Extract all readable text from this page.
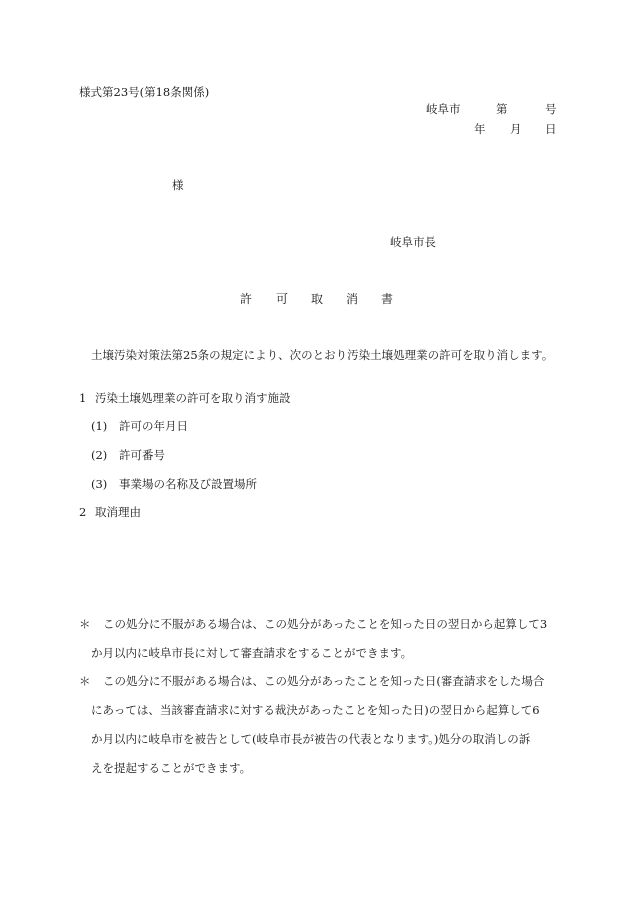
様式第23号(第18条関係)
岐阜市	第	号
年 月 日
様
岐阜市長
許 可 取 消 書
土壌汚染対策法第25条の規定により、次のとおり汚染土壌処理業の許可を取り消します。
1 汚染土壌処理業の許可を取り消す施設
(1) 許可の年月日
(2) 許可番号
(3) 事業場の名称及び設置場所
2 取消理由
＊ この処分に不服がある場合は、この処分があったことを知った日の翌日から起算して3
か月以内に岐阜市長に対して審査請求をすることができます。
＊ この処分に不服がある場合は、この処分があったことを知った日(審査請求をした場合
にあっては、当該審査請求に対する裁決があったことを知った日)の翌日から起算して6
か月以内に岐阜市を被告として(岐阜市長が被告の代表となります。)処分の取消しの訴
えを提起することができます。
